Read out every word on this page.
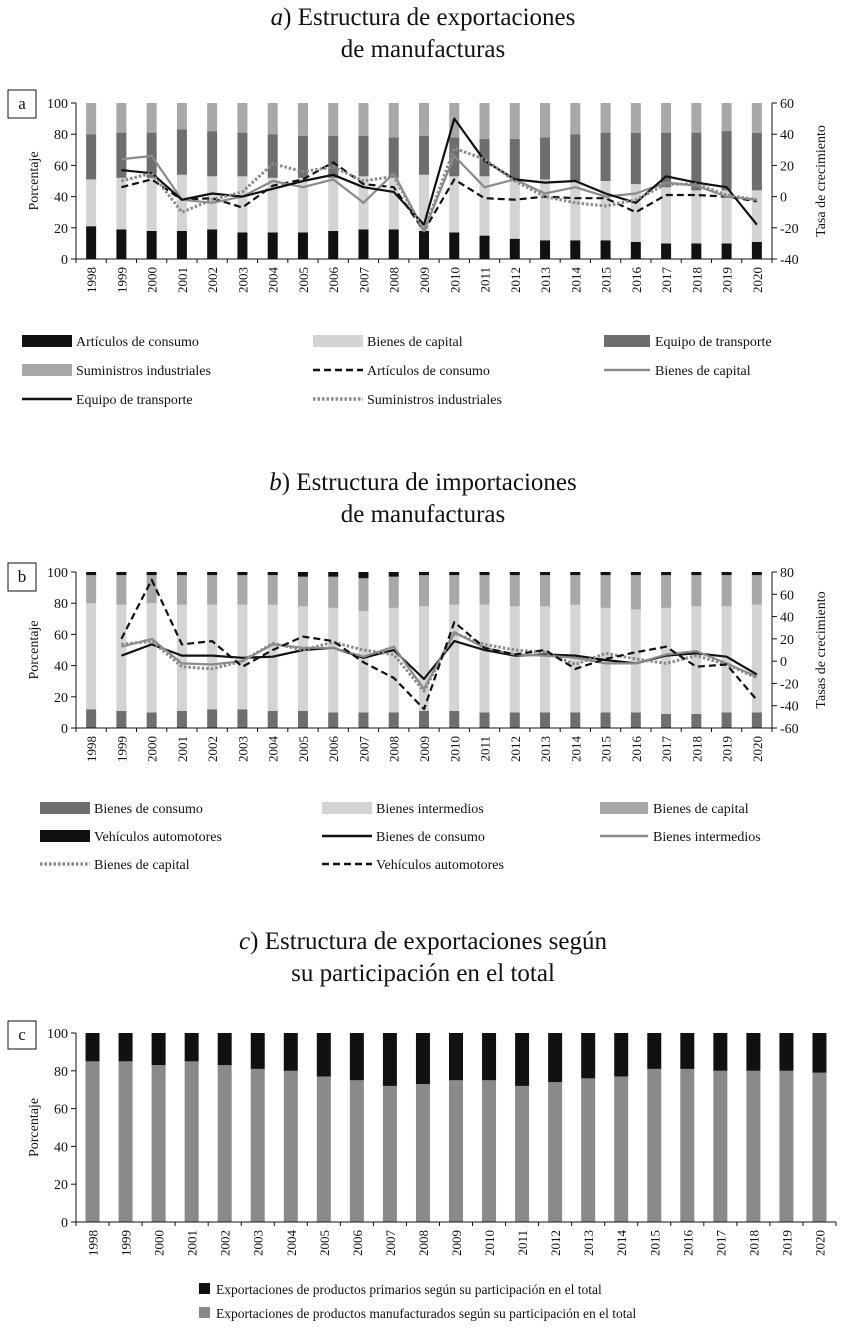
a) Estructura de exportaciones
de manufacturas
b) Estructura de importaciones
de manufacturas
c) Estructura de exportaciones según
su participación en el total
a
0
20
40
60
80
100
Porcentaje
1998 1999 2000 2001 2002 2003 2004 2005 2006 2007 2008 2009 2010 2011 2012 2013 2014 2015 2016 2017 2018 2019 2020
-40
-20
0
20
40
60
Tasa de crecimiento
b
0
20
40
60
80
100
Porcentaje
1998 1999 2000 2001 2002 2003 2004 2005 2006 2007 2008 2009 2010 2011 2012 2013 2014 2015 2016 2017 2018 2019 2020
-60
-40
-20
0
20
40
60
80
Tasas de crecimiento
c
0
20
40
60
80
100
Porcentaje
1998 1999 2000 2001 2002 2003 2004 2005 2006 2007 2008 2009 2010 2011 2012 2013 2014 2015 2016 2017 2018 2019 2020
Artículos de consumo	Bienes de capital	Equipo de transporte
Suministros industriales	Artículos de consumo	Bienes de capital
Equipo de transporte	Suministros industriales
Bienes de consumo	Bienes intermedios	Bienes de capital
Vehículos automotores	Bienes de consumo	Bienes intermedios
Bienes de capital	Vehículos automotores
Exportaciones de productos primarios según su participación en el total
Exportaciones de productos manufacturados según su participación en el total
